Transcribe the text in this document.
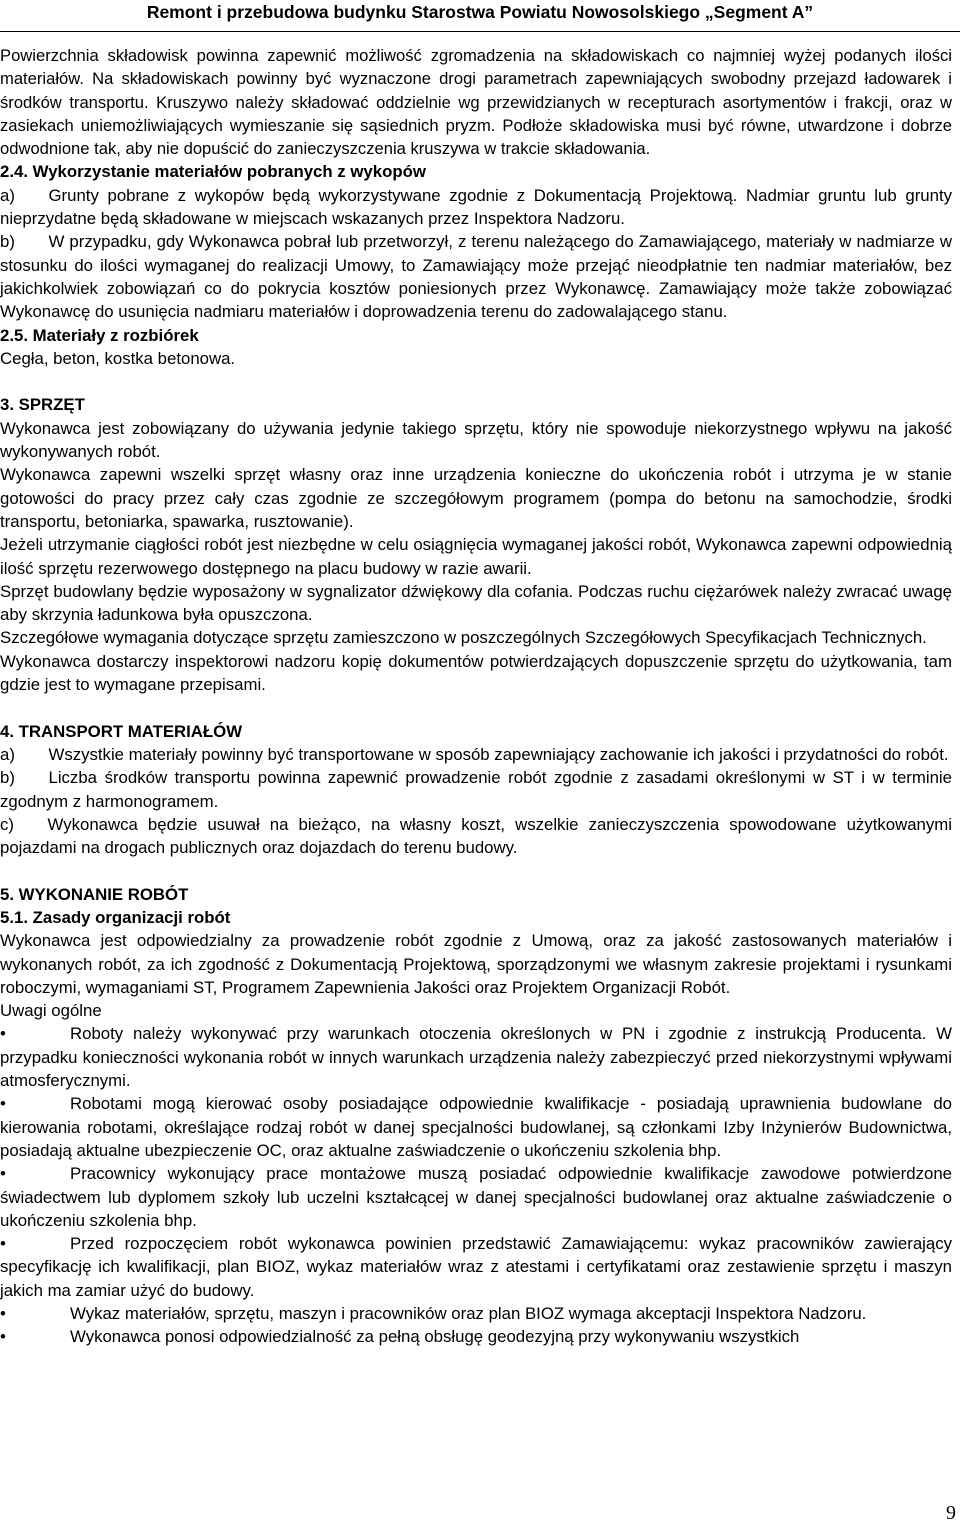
Remont i przebudowa budynku Starostwa Powiatu Nowosolskiego „Segment A”

Powierzchnia składowisk powinna zapewnić możliwość zgromadzenia na składowiskach co najmniej wyżej podanych ilości materiałów. Na składowiskach powinny być wyznaczone drogi parametrach zapewniających swobodny przejazd ładowarek i środków transportu. Kruszywo należy składować oddzielnie wg przewidzianych w recepturach asortymentów i frakcji, oraz w zasiekach uniemożliwiających wymieszanie się sąsiednich pryzm. Podłoże składowiska musi być równe, utwardzone i dobrze odwodnione tak, aby nie dopuścić do zanieczyszczenia kruszywa w trakcie składowania.

2.4. Wykorzystanie materiałów pobranych z wykopów

a)  Grunty pobrane z wykopów będą wykorzystywane zgodnie z Dokumentacją Projektową. Nadmiar gruntu lub grunty nieprzydatne będą składowane w miejscach wskazanych przez Inspektora Nadzoru.

b)  W przypadku, gdy Wykonawca pobrał lub przetworzył, z terenu należącego do Zamawiającego, materiały w nadmiarze w stosunku do ilości wymaganej do realizacji Umowy, to Zamawiający może przejąć nieodpłatnie ten nadmiar materiałów, bez jakichkolwiek zobowiązań co do pokrycia kosztów poniesionych przez Wykonawcę. Zamawiający może także zobowiązać Wykonawcę do usunięcia nadmiaru materiałów i doprowadzenia terenu do zadowalającego stanu.

2.5. Materiały z rozbiórek

Cegła, beton, kostka betonowa.

3. SPRZĘT

Wykonawca jest zobowiązany do używania jedynie takiego sprzętu, który nie spowoduje niekorzystnego wpływu na jakość wykonywanych robót.

Wykonawca zapewni wszelki sprzęt własny oraz inne urządzenia konieczne do ukończenia robót i utrzyma je w stanie gotowości do pracy przez cały czas zgodnie ze szczegółowym programem (pompa do betonu na samochodzie, środki transportu, betoniarka, spawarka, rusztowanie).

Jeżeli utrzymanie ciągłości robót jest niezbędne w celu osiągnięcia wymaganej jakości robót, Wykonawca zapewni odpowiednią ilość sprzętu rezerwowego dostępnego na placu budowy w razie awarii.

Sprzęt budowlany będzie wyposażony w sygnalizator dźwiękowy dla cofania. Podczas ruchu ciężarówek należy zwracać uwagę aby skrzynia ładunkowa była opuszczona.

Szczegółowe wymagania dotyczące sprzętu zamieszczono w poszczególnych Szczegółowych Specyfikacjach Technicznych.

Wykonawca dostarczy inspektorowi nadzoru kopię dokumentów potwierdzających dopuszczenie sprzętu do użytkowania, tam gdzie jest to wymagane przepisami.

4. TRANSPORT MATERIAŁÓW

a)  Wszystkie materiały powinny być transportowane w sposób zapewniający zachowanie ich jakości i przydatności do robót.

b)  Liczba środków transportu powinna zapewnić prowadzenie robót zgodnie z zasadami określonymi w ST i w terminie zgodnym z harmonogramem.

c)  Wykonawca będzie usuwał na bieżąco, na własny koszt, wszelkie zanieczyszczenia spowodowane użytkowanymi pojazdami na drogach publicznych oraz dojazdach do terenu budowy.

5. WYKONANIE ROBÓT

5.1. Zasady organizacji robót

Wykonawca jest odpowiedzialny za prowadzenie robót zgodnie z Umową, oraz za jakość zastosowanych materiałów i wykonanych robót, za ich zgodność z Dokumentacją Projektową, sporządzonymi we własnym zakresie projektami i rysunkami roboczymi, wymaganiami ST, Programem Zapewnienia Jakości oraz Projektem Organizacji Robót.

Uwagi ogólne

•	Roboty należy wykonywać przy warunkach otoczenia określonych w PN i zgodnie z instrukcją Producenta. W przypadku konieczności wykonania robót w innych warunkach urządzenia należy zabezpieczyć przed niekorzystnymi wpływami atmosferycznymi.
•	Robotami mogą kierować osoby posiadające odpowiednie kwalifikacje - posiadają uprawnienia budowlane do kierowania robotami, określające rodzaj robót w danej specjalności budowlanej, są członkami Izby Inżynierów Budownictwa, posiadają aktualne ubezpieczenie OC, oraz aktualne zaświadczenie o ukończeniu szkolenia bhp.
•	Pracownicy wykonujący prace montażowe muszą posiadać odpowiednie kwalifikacje zawodowe potwierdzone świadectwem lub dyplomem szkoły lub uczelni kształcącej w danej specjalności budowlanej oraz aktualne zaświadczenie o ukończeniu szkolenia bhp.
•	Przed rozpoczęciem robót wykonawca powinien przedstawić Zamawiającemu: wykaz pracowników zawierający specyfikację ich kwalifikacji, plan BIOZ, wykaz materiałów wraz z atestami i certyfikatami oraz zestawienie sprzętu i maszyn jakich ma zamiar użyć do budowy.
•	Wykaz materiałów, sprzętu, maszyn i pracowników oraz plan BIOZ wymaga akceptacji Inspektora Nadzoru.
•	Wykonawca ponosi odpowiedzialność za pełną obsługę geodezyjną przy wykonywaniu wszystkich
9
